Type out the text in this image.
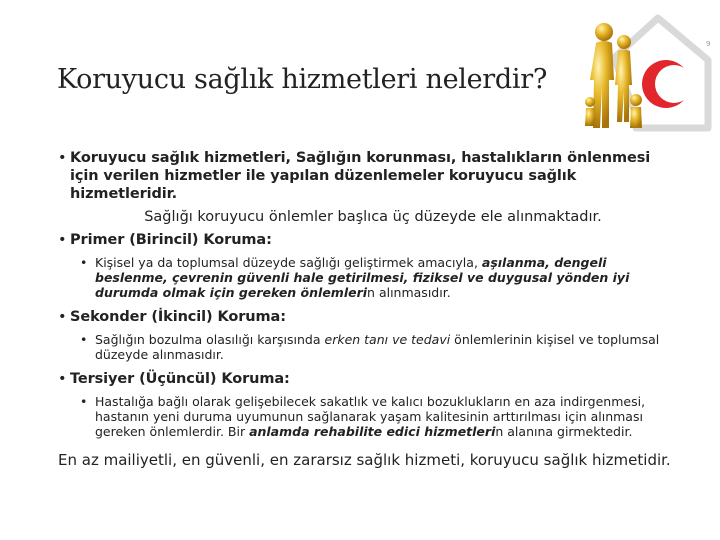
Koruyucu sağlık hizmetleri nelerdir?
9
• Koruyucu sağlık hizmetleri, Sağlığın korunması, hastalıkların önlenmesi için verilen hizmetler ile yapılan düzenlemeler koruyucu sağlık hizmetleridir.
Sağlığı koruyucu önlemler başlıca üç düzeyde ele alınmaktadır.
• Primer (Birincil) Koruma:
• Kişisel ya da toplumsal düzeyde sağlığı geliştirmek amacıyla, aşılanma, dengeli beslenme, çevrenin güvenli hale getirilmesi, fiziksel ve duygusal yönden iyi durumda olmak için gereken önlemlerin alınmasıdır.
• Sekonder (İkincil) Koruma:
• Sağlığın bozulma olasılığı karşısında erken tanı ve tedavi önlemlerinin kişisel ve toplumsal düzeyde alınmasıdır.
• Tersiyer (Üçüncül) Koruma:
• Hastalığa bağlı olarak gelişebilecek sakatlık ve kalıcı bozuklukların en aza indirgenmesi, hastanın yeni duruma uyumunun sağlanarak yaşam kalitesinin arttırılması için alınması gereken önlemlerdir. Bir anlamda rehabilite edici hizmetlerin alanına girmektedir.
En az mailiyetli, en güvenli, en zararsız sağlık hizmeti, koruyucu sağlık hizmetidir.
